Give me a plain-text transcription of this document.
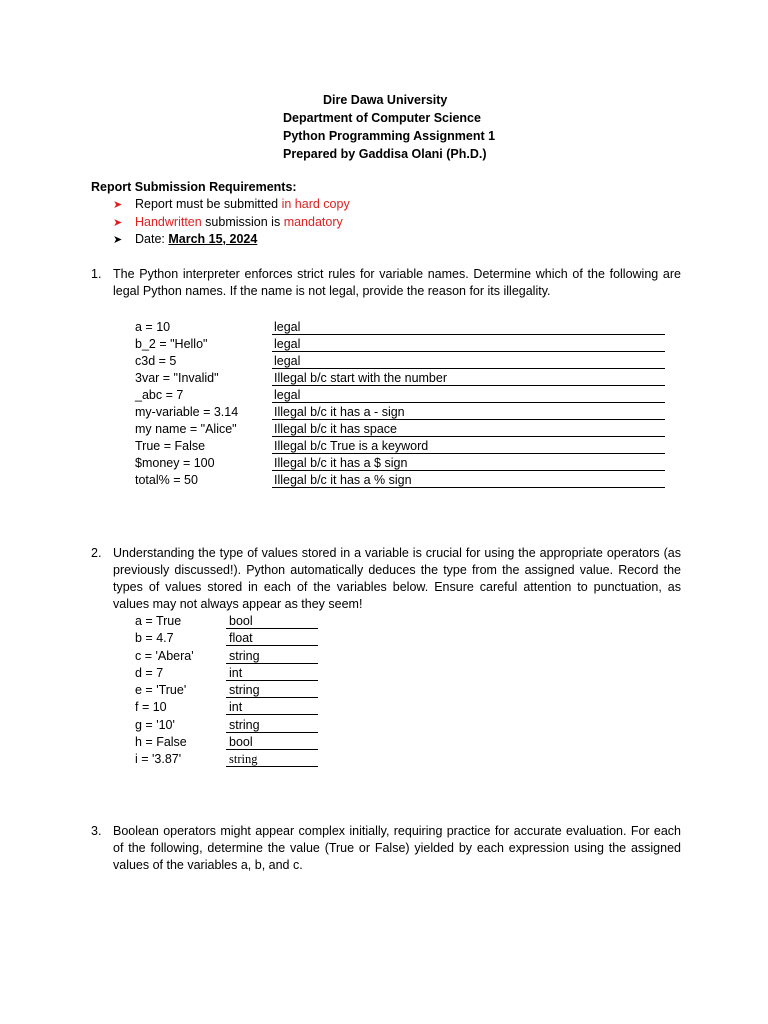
Dire Dawa University
Department of Computer Science
Python Programming Assignment 1
Prepared by Gaddisa Olani (Ph.D.)
Report Submission Requirements:
➤ Report must be submitted in hard copy
➤ Handwritten submission is mandatory
➤ Date: March 15, 2024
1. The Python interpreter enforces strict rules for variable names. Determine which of the following are legal Python names. If the name is not legal, provide the reason for its illegality.
a = 10	legal
b_2 = "Hello"	legal
c3d = 5	legal
3var = "Invalid"	Illegal b/c start with the number
_abc = 7	legal
my-variable = 3.14	Illegal b/c it has a - sign
my name = "Alice"	Illegal b/c it has space
True = False	Illegal b/c True is a keyword
$money = 100	Illegal b/c it has a $ sign
total% = 50	Illegal b/c it has a % sign
2. Understanding the type of values stored in a variable is crucial for using the appropriate operators (as previously discussed!). Python automatically deduces the type from the assigned value. Record the types of values stored in each of the variables below. Ensure careful attention to punctuation, as values may not always appear as they seem!
a = True	bool
b = 4.7	float
c = 'Abera'	string
d = 7	int
e = 'True'	string
f = 10	int
g = '10'	string
h = False	bool
i = '3.87'	string
3. Boolean operators might appear complex initially, requiring practice for accurate evaluation. For each of the following, determine the value (True or False) yielded by each expression using the assigned values of the variables a, b, and c.
